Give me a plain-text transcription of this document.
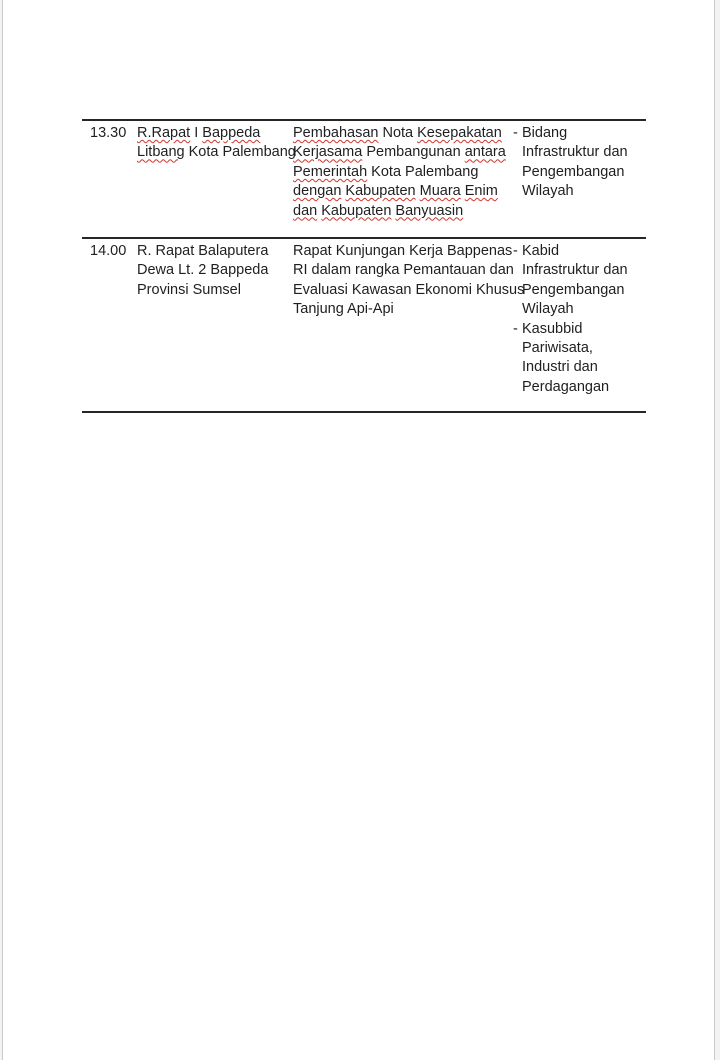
13.30 R.Rapat I Bappeda
Litbang Kota Palembang
Pembahasan Nota Kesepakatan
Kerjasama Pembangunan antara
Pemerintah Kota Palembang
dengan Kabupaten Muara Enim
dan Kabupaten Banyuasin
- Bidang
Infrastruktur dan
Pengembangan
Wilayah
14.00 R. Rapat Balaputera
Dewa Lt. 2 Bappeda
Provinsi Sumsel
Rapat Kunjungan Kerja Bappenas
RI dalam rangka Pemantauan dan
Evaluasi Kawasan Ekonomi Khusus
Tanjung Api-Api
- Kabid
Infrastruktur dan
Pengembangan
Wilayah
- Kasubbid
Pariwisata,
Industri dan
Perdagangan
